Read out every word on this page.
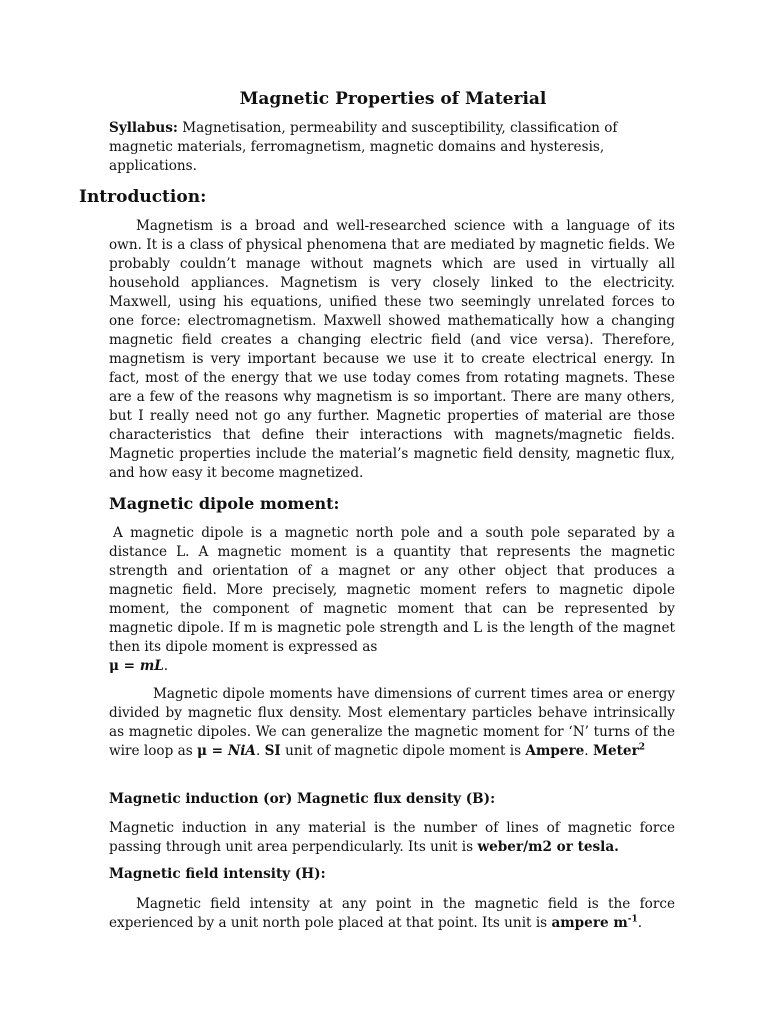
Magnetic Properties of Material

Syllabus: Magnetisation, permeability and susceptibility, classification of magnetic materials, ferromagnetism, magnetic domains and hysteresis, applications.

Introduction:

Magnetism is a broad and well-researched science with a language of its own. It is a class of physical phenomena that are mediated by magnetic fields. We probably couldn’t manage without magnets which are used in virtually all household appliances. Magnetism is very closely linked to the electricity. Maxwell, using his equations, unified these two seemingly unrelated forces to one force: electromagnetism. Maxwell showed mathematically how a changing magnetic field creates a changing electric field (and vice versa). Therefore, magnetism is very important because we use it to create electrical energy. In fact, most of the energy that we use today comes from rotating magnets. These are a few of the reasons why magnetism is so important. There are many others, but I really need not go any further. Magnetic properties of material are those characteristics that define their interactions with magnets/magnetic fields. Magnetic properties include the material’s magnetic field density, magnetic flux, and how easy it become magnetized.

Magnetic dipole moment:

A magnetic dipole is a magnetic north pole and a south pole separated by a distance L. A magnetic moment is a quantity that represents the magnetic strength and orientation of a magnet or any other object that produces a magnetic field. More precisely, magnetic moment refers to magnetic dipole moment, the component of magnetic moment that can be represented by magnetic dipole. If m is magnetic pole strength and L is the length of the magnet then its dipole moment is expressed as

μ = mL.

Magnetic dipole moments have dimensions of current times area or energy divided by magnetic flux density. Most elementary particles behave intrinsically as magnetic dipoles. We can generalize the magnetic moment for ‘N’ turns of the wire loop as μ = NiA. SI unit of magnetic dipole moment is Ampere. Meter$^2$

Magnetic induction (or) Magnetic flux density (B):

Magnetic induction in any material is the number of lines of magnetic force passing through unit area perpendicularly. Its unit is weber/m2 or tesla.

Magnetic field intensity (H):

Magnetic field intensity at any point in the magnetic field is the force experienced by a unit north pole placed at that point. Its unit is ampere $m^{-1}$.
